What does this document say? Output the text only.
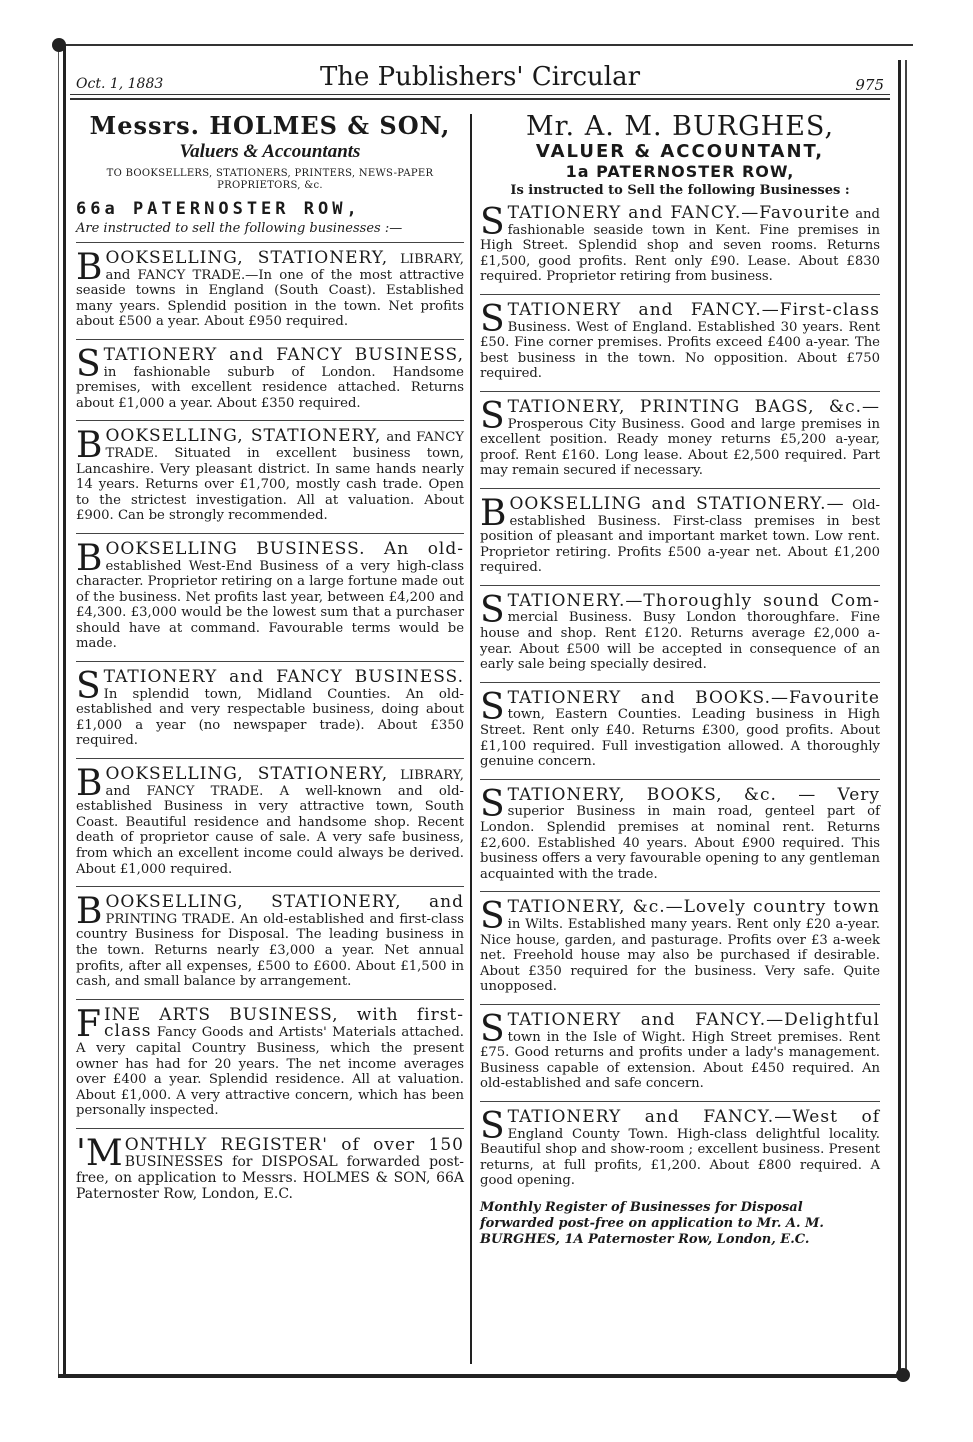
Oct. 1, 1883	The Publishers' Circular	975
Messrs. HOLMES & SON,
Valuers & Accountants
TO BOOKSELLERS, STATIONERS, PRINTERS, NEWS-PAPER PROPRIETORS, &c.
66a PATERNOSTER ROW,
Are instructed to sell the following businesses :—

BOOKSELLING, STATIONERY, LIBRARY, and FANCY TRADE.—In one of the most attractive seaside towns in England (South Coast). Established many years. Splendid position in the town. Net profits about £500 a year. About £950 required.

STATIONERY and FANCY BUSINESS, in fashionable suburb of London. Handsome premises, with excellent residence attached. Returns about £1,000 a year. About £350 required.

BOOKSELLING, STATIONERY, and FANCY TRADE. Situated in excellent business town, Lancashire. Very pleasant district. In same hands nearly 14 years. Returns over £1,700, mostly cash trade. Open to the strictest investigation. All at valuation. About £900. Can be strongly recommended.

BOOKSELLING BUSINESS. An old- established West-End Business of a very high-class character. Proprietor retiring on a large fortune made out of the business. Net profits last year, between £4,200 and £4,300. £3,000 would be the lowest sum that a purchaser should have at command. Favourable terms would be made.

STATIONERY and FANCY BUSINESS. In splendid town, Midland Counties. An old-established and very respectable business, doing about £1,000 a year (no newspaper trade). About £350 required.

BOOKSELLING, STATIONERY, LIBRARY, and FANCY TRADE. A well-known and old-established Business in very attractive town, South Coast. Beautiful residence and handsome shop. Recent death of proprietor cause of sale. A very safe business, from which an excellent income could always be derived. About £1,000 required.

BOOKSELLING, STATIONERY, and PRINTING TRADE. An old-established and first-class country Business for Disposal. The leading business in the town. Returns nearly £3,000 a year. Net annual profits, after all expenses, £500 to £600. About £1,500 in cash, and small balance by arrangement.

FINE ARTS BUSINESS, with first-class Fancy Goods and Artists' Materials attached. A very capital Country Business, which the present owner has had for 20 years. The net income averages over £400 a year. Splendid residence. All at valuation. About £1,000. A very attractive concern, which has been personally inspected.

'MONTHLY REGISTER' of over 150 BUSINESSES for DISPOSAL forwarded post-free, on application to Messrs. HOLMES & SON, 66A Paternoster Row, London, E.C.

Mr. A. M. BURGHES,
VALUER & ACCOUNTANT,
1a PATERNOSTER ROW,
Is instructed to Sell the following Businesses :

STATIONERY and FANCY.—Favourite and fashionable seaside town in Kent. Fine premises in High Street. Splendid shop and seven rooms. Returns £1,500, good profits. Rent only £90. Lease. About £830 required. Proprietor retiring from business.

STATIONERY and FANCY.—First-class Business. West of England. Established 30 years. Rent £50. Fine corner premises. Profits exceed £400 a-year. The best business in the town. No opposition. About £750 required.

STATIONERY, PRINTING BAGS, &c.— Prosperous City Business. Good and large premises in excellent position. Ready money returns £5,200 a-year, proof. Rent £160. Long lease. About £2,500 required. Part may remain secured if necessary.

BOOKSELLING and STATIONERY.— Old-established Business. First-class premises in best position of pleasant and important market town. Low rent. Proprietor retiring. Profits £500 a-year net. About £1,200 required.

STATIONERY.—Thoroughly sound Com- mercial Business. Busy London thoroughfare. Fine house and shop. Rent £120. Returns average £2,000 a-year. About £500 will be accepted in consequence of an early sale being specially desired.

STATIONERY and BOOKS.—Favourite town, Eastern Counties. Leading business in High Street. Rent only £40. Returns £300, good profits. About £1,100 required. Full investigation allowed. A thoroughly genuine concern.

STATIONERY, BOOKS, &c. — Very superior Business in main road, genteel part of London. Splendid premises at nominal rent. Returns £2,600. Established 40 years. About £900 required. This business offers a very favourable opening to any gentleman acquainted with the trade.

STATIONERY, &c.—Lovely country town in Wilts. Established many years. Rent only £20 a-year. Nice house, garden, and pasturage. Profits over £3 a-week net. Freehold house may also be purchased if desirable. About £350 required for the business. Very safe. Quite unopposed.

STATIONERY and FANCY.—Delightful town in the Isle of Wight. High Street premises. Rent £75. Good returns and profits under a lady's management. Business capable of extension. About £450 required. An old-established and safe concern.

STATIONERY and FANCY.—West of England County Town. High-class delightful locality. Beautiful shop and show-room ; excellent business. Present returns, at full profits, £1,200. About £800 required. A good opening.

Monthly Register of Businesses for Disposal forwarded post-free on application to Mr. A. M. BURGHES, 1A Paternoster Row, London, E.C.
